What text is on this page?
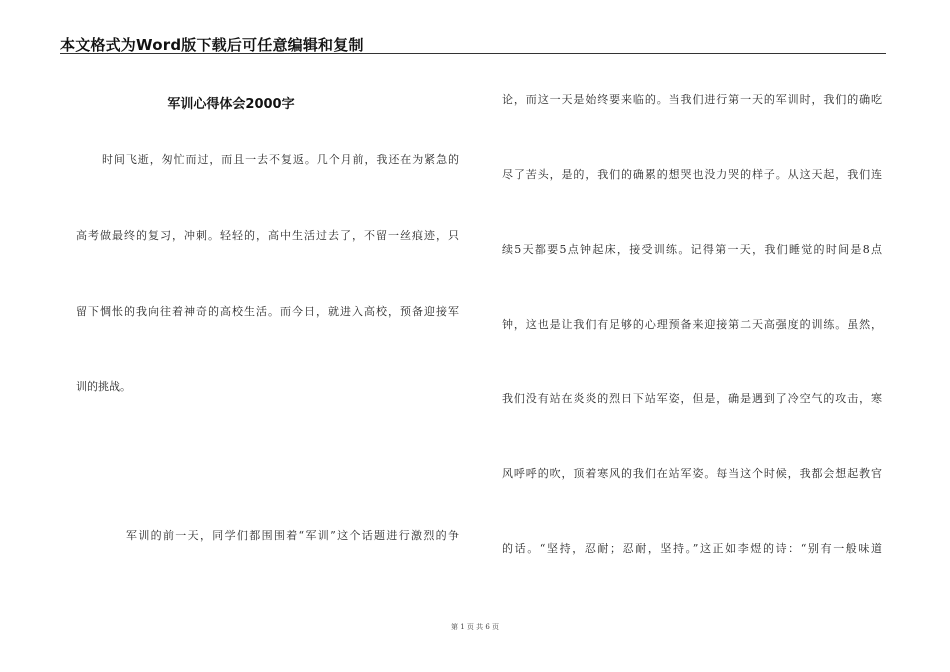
本文格式为Word版下载后可任意编辑和复制
军训心得体会2000字
时间飞逝，匆忙而过，而且一去不复返。几个月前，我还在为紧急的
高考做最终的复习，冲刺。轻轻的，高中生活过去了，不留一丝痕迹，只
留下惆怅的我向往着神奇的高校生活。而今日，就进入高校，预备迎接军
训的挑战。
军训的前一天，同学们都围围着“军训”这个话题进行激烈的争
论，而这一天是始终要来临的。当我们进行第一天的军训时，我们的确吃
尽了苦头，是的，我们的确累的想哭也没力哭的样子。从这天起，我们连
续5天都要5点钟起床，接受训练。记得第一天，我们睡觉的时间是8点
钟，这也是让我们有足够的心理预备来迎接第二天高强度的训练。虽然，
我们没有站在炎炎的烈日下站军姿，但是，确是遇到了冷空气的攻击，寒
风呼呼的吹，顶着寒风的我们在站军姿。每当这个时候，我都会想起教官
的话。“坚持，忍耐；忍耐，坚持。”这正如李煜的诗：“别有一般味道
第 1 页 共 6 页
